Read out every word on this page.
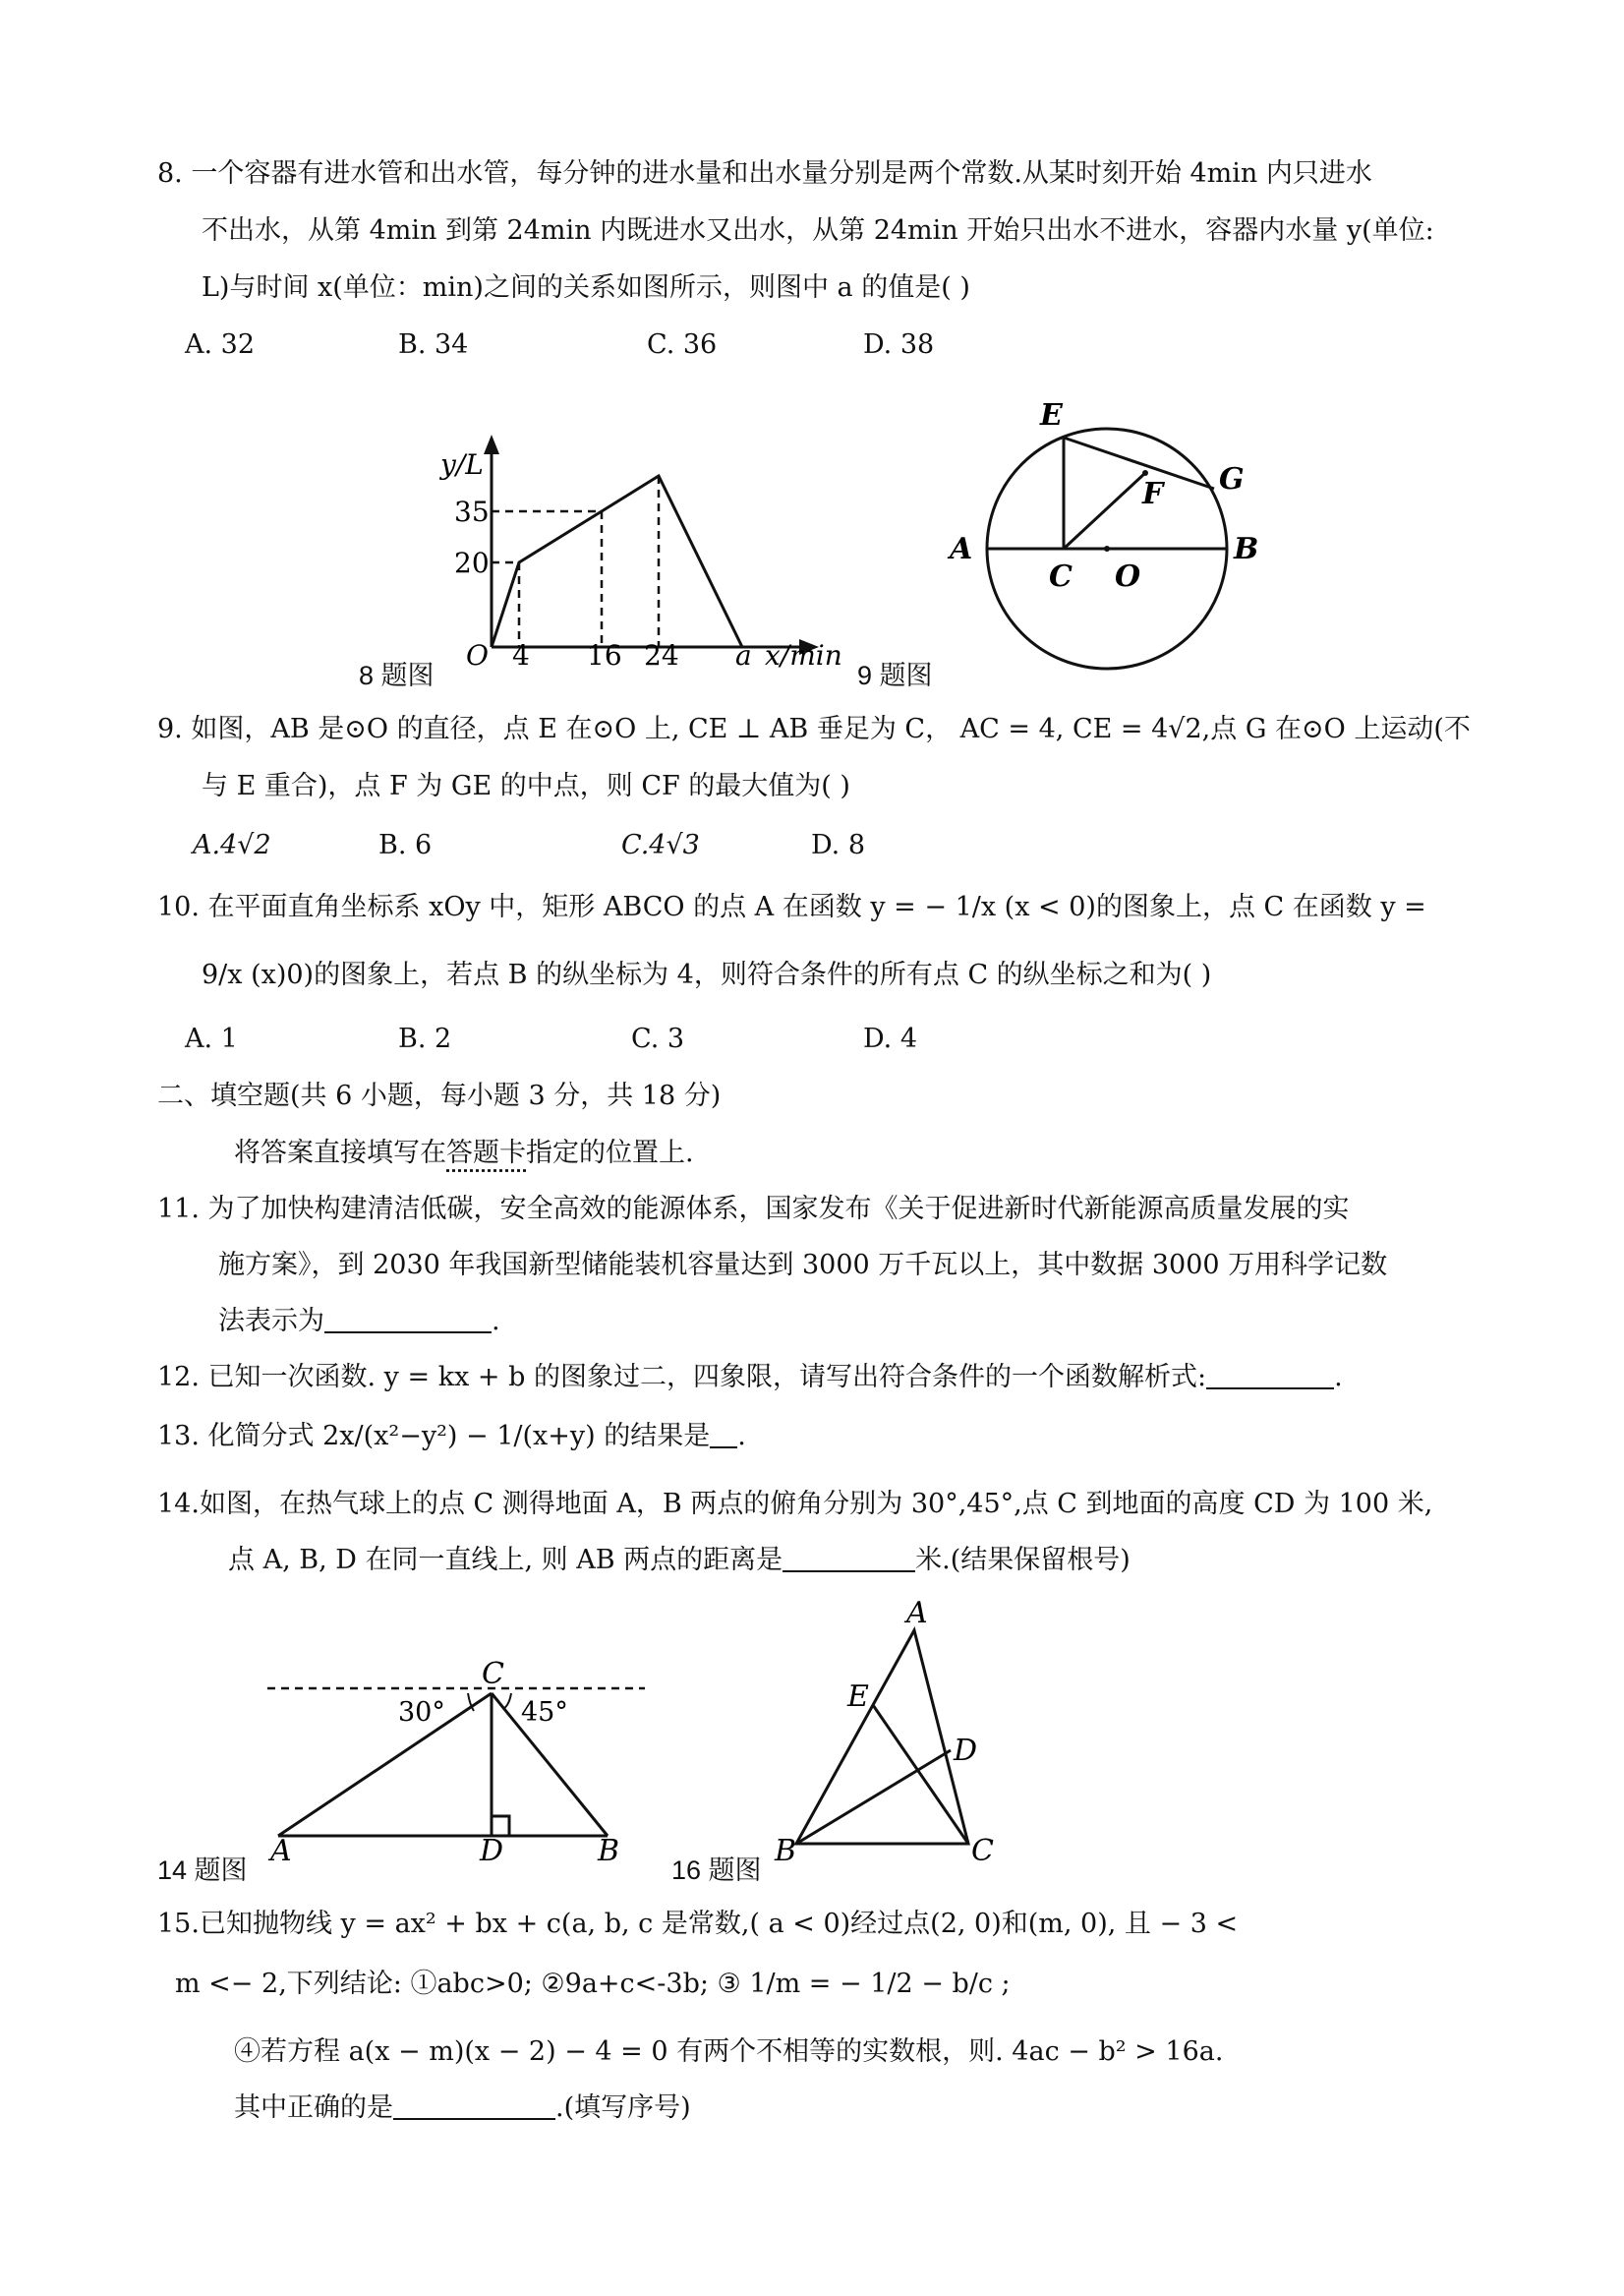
8. 一个容器有进水管和出水管，每分钟的进水量和出水量分别是两个常数.从某时刻开始 4min 内只进水
不出水，从第 4min 到第 24min 内既进水又出水，从第 24min 开始只出水不进水，容器内水量 y(单位:
L)与时间 x(单位：min)之间的关系如图所示，则图中 a 的值是( )
A. 32	B. 34	C. 36	D. 38
y/L
35
20
O 4 16 24 a x/min
8 题图
E
G
F
A	B
C O
9 题图
9. 如图，AB 是⊙O 的直径，点 E 在⊙O 上, CE ⊥ AB 垂足为 C， AC = 4, CE = 4√2,点 G 在⊙O 上运动(不
与 E 重合)，点 F 为 GE 的中点，则 CF 的最大值为( )
A.4√2	B. 6	C.4√3	D. 8
10. 在平面直角坐标系 xOy 中，矩形 ABCO 的点 A 在函数 y = − 1/x (x < 0)的图象上，点 C 在函数 y =
9/x (x)0)的图象上，若点 B 的纵坐标为 4，则符合条件的所有点 C 的纵坐标之和为( )
A. 1	B. 2	C. 3	D. 4
二、填空题(共 6 小题，每小题 3 分，共 18 分)
将答案直接填写在答题卡指定的位置上.
11. 为了加快构建清洁低碳，安全高效的能源体系，国家发布《关于促进新时代新能源高质量发展的实
施方案》，到 2030 年我国新型储能装机容量达到 3000 万千瓦以上，其中数据 3000 万用科学记数
法表示为	.
12. 已知一次函数. y = kx + b 的图象过二，四象限，请写出符合条件的一个函数解析式:	.
13. 化简分式 2x/(x²−y²) − 1/(x+y) 的结果是 .
14.如图，在热气球上的点 C 测得地面 A，B 两点的俯角分别为 30°,45°,点 C 到地面的高度 CD 为 100 米,
点 A, B, D 在同一直线上, 则 AB 两点的距离是	米.(结果保留根号)
C
A	D	B
30°	45°
14 题图
A
E
D
B	C
16 题图
15.已知抛物线 y = ax² + bx + c(a, b, c 是常数,( a < 0)经过点(2, 0)和(m, 0), 且 − 3 <
m <− 2,下列结论: ①abc>0; ②9a+c<-3b; ③ 1/m = − 1/2 − b/c ;
④若方程 a(x − m)(x − 2) − 4 = 0 有两个不相等的实数根，则. 4ac − b² > 16a.
其中正确的是	.(填写序号)
